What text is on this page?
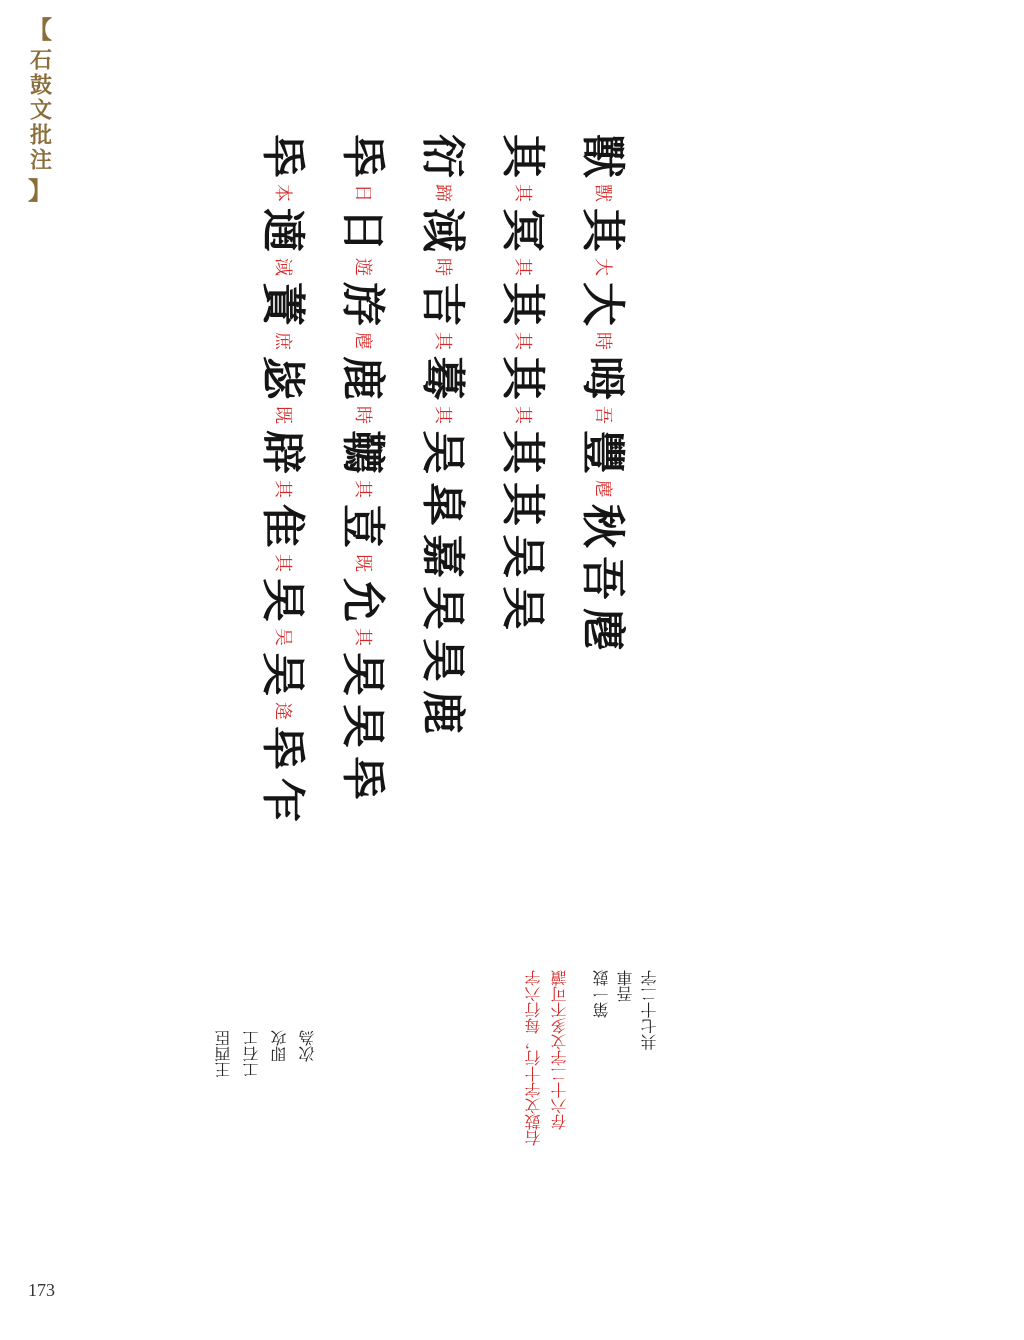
【
石鼓文批注
】
氒
本
遖
淢
蔶
庶
毖
既
辟
其
隹
其
旲
吴
吴
逄
氒
乍
氒
日
日
遊
斿
麀
鹿
時
韀
其
壴
既
允
其
旲
旲
氒
衍
蹄
淢
時
吉
其
蓦
其
吴
皐
嘉
旲
昊
鹿
其
其
冥
其
其
其
其
其
其
其
吴
吴
獸
獸
其
大
大
時
呣
吾
豐
麀
秋
吾
麀
王西臣 工石工 即攻 次為	右鼓文字十行，每行六字 存六十二字文多不可讀 第一鼓 吾車 共七十二字
173
